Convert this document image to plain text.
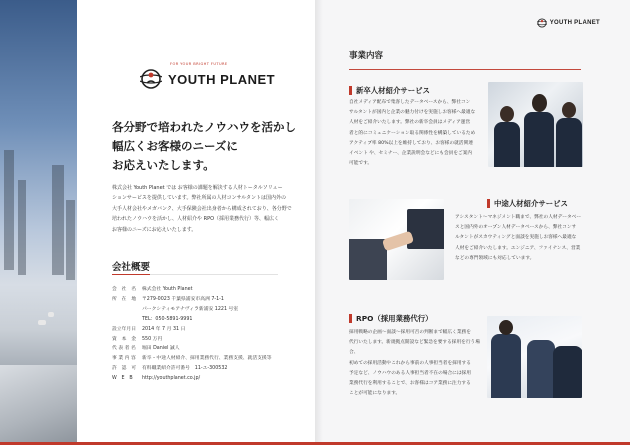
FOR YOUR BRIGHT FUTURE
YOUTH PLANET
各分野で培われたノウハウを活かし
幅広くお客様のニーズに
お応えいたします。
株式会社 Youth Planet では お客様の課題を解決する人材トータルソリュー
ションサービスを提供しています。弊社所属の人材コンサルタントは国内外の
大手人材会社やメガバンク、大手保険会社出身者から構成されており、各分野で
培われたノウハウを活かし、人材紹介や RPO（採用業務代行）等、幅広く
お客様のニーズにお応えいたします。
会社概要
会　社　名	株式会社 Youth Planet
所　在　地	〒279-0023 千葉県浦安市高洲 7-1-1
パークシティモアナヴィラ新浦安 1221 号室
TEL：050-5891-9991
設立年月日	2014 年 7 月 31 日
資　本　金	550 万円
代 表 者 名	堀田 Daniel 誠人
事 業 内 容	新卒・中途人材紹介、採用業務代行、業務支援、就活支援等
許　認　可	有料職業紹介許可番号　11-ユ-300532
W　E　B	http://youthplanet.co.jp/
YOUTH PLANET
事業内容
新卒人材紹介サービス
自社メディア配布で集客したデータベースから、弊社コン
サルタントが国内と企業の魅力付けを実施しお客様へ最適な
人材をご紹介いたします。弊社の新卒会員はメディア運営
者と的にコミュニケーション取る関係性を構築しているため
アクティブ率 80%以上を維持しており、お客様の就活関連
イベント や、セミナー、企業説明会などにも会員をご案内
可能です。
中途人材紹介サービス
アシスタント〜マネジメント職まで、弊社の人材データベー
スと国内外のオープン人材データベースから、弊社コンサ
ルタントがスカウティングと面談を実施しお客様へ最適な
人材をご紹介いたします。エンジニア、ファイナンス、営業
などの専門領域にも対応しています。
RPO（採用業務代行）
採用戦略の企画〜面談〜採用可否の判断まで幅広く業務を
代行いたします。新規拠点開設など緊急を要する採用を行う場合、
初めての採用活動やこれから事前の人事担当者を採用する
予定など、ノウハウのある人事担当者不在の場合には採用
業務代行を利用することで、お客様はコア業務に注力する
ことが可能になります。
